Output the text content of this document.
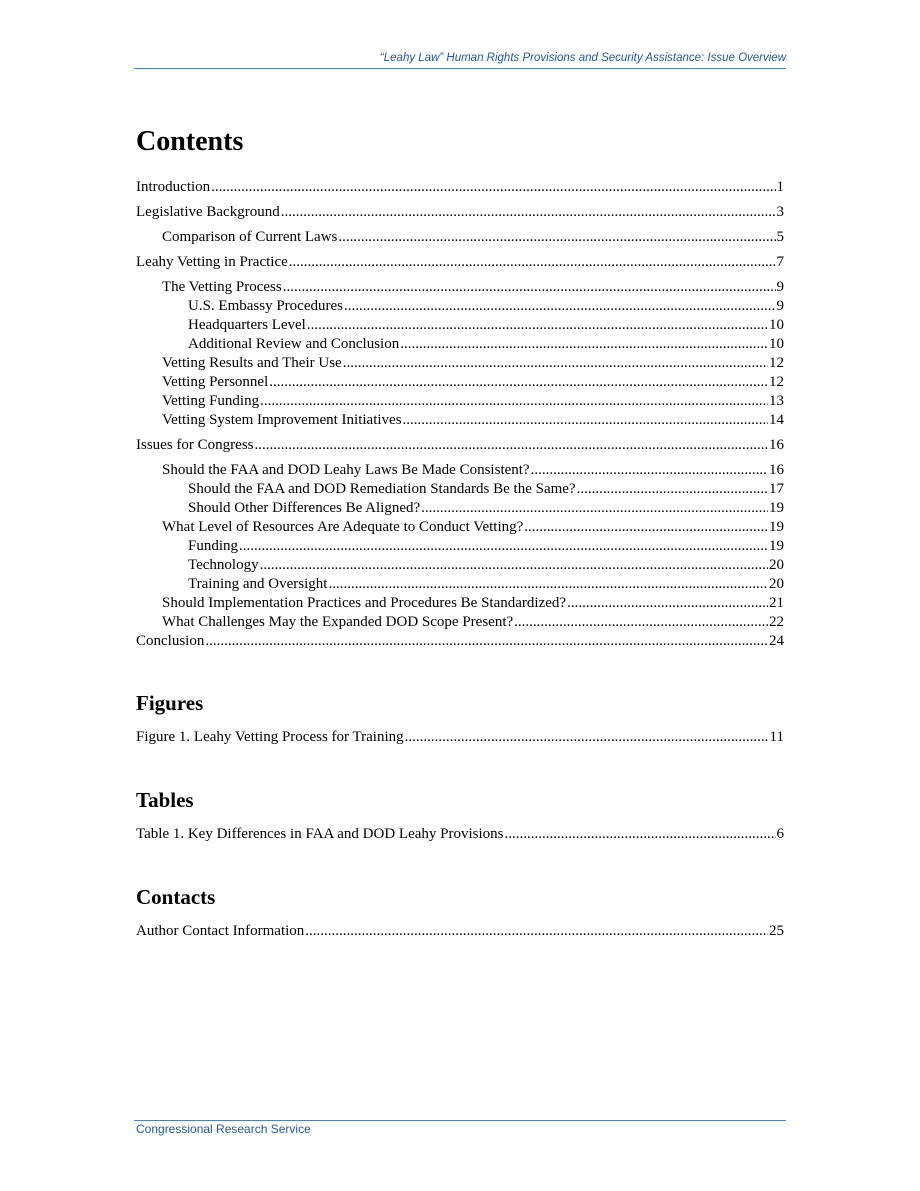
“Leahy Law” Human Rights Provisions and Security Assistance: Issue Overview
Contents
Introduction .....	1
Legislative Background .....	3
Comparison of Current Laws .....	5
Leahy Vetting in Practice .....	7
The Vetting Process .....	9
U.S. Embassy Procedures .....	9
Headquarters Level .....	10
Additional Review and Conclusion .....	10
Vetting Results and Their Use .....	12
Vetting Personnel .....	12
Vetting Funding .....	13
Vetting System Improvement Initiatives .....	14
Issues for Congress .....	16
Should the FAA and DOD Leahy Laws Be Made Consistent? .....	16
Should the FAA and DOD Remediation Standards Be the Same? .....	17
Should Other Differences Be Aligned? .....	19
What Level of Resources Are Adequate to Conduct Vetting? .....	19
Funding .....	19
Technology .....	20
Training and Oversight .....	20
Should Implementation Practices and Procedures Be Standardized? .....	21
What Challenges May the Expanded DOD Scope Present? .....	22
Conclusion .....	24
Figures
Figure 1. Leahy Vetting Process for Training .....	11
Tables
Table 1. Key Differences in FAA and DOD Leahy Provisions .....	6
Contacts
Author Contact Information .....	25
Congressional Research Service
